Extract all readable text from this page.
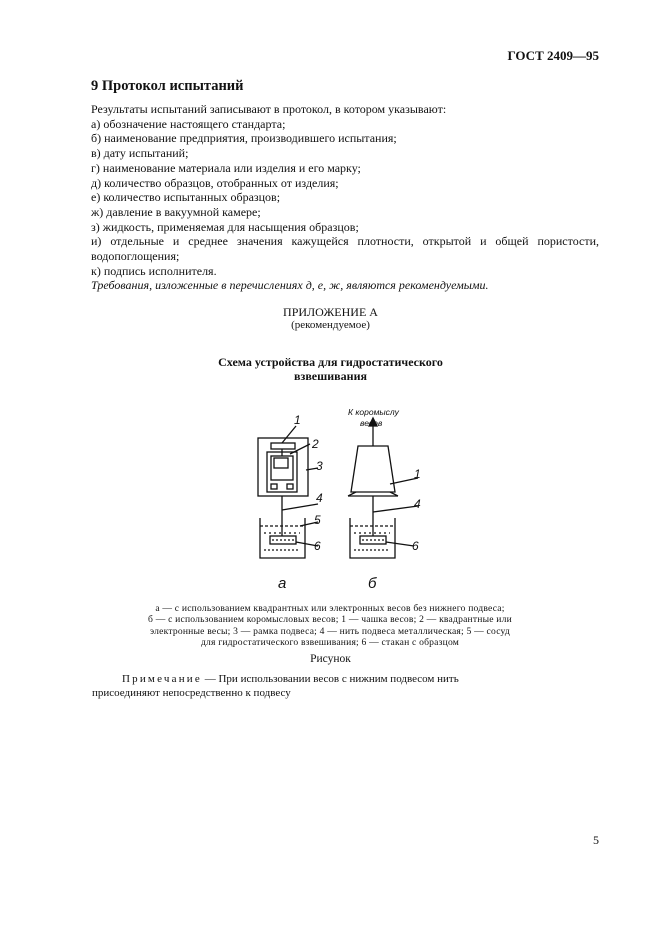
ГОСТ 2409—95
9 Протокол испытаний
Результаты испытаний записывают в протокол, в котором указывают:
а) обозначение настоящего стандарта;
б) наименование предприятия, производившего испытания;
в) дату испытаний;
г) наименование материала или изделия и его марку;
д) количество образцов, отобранных от изделия;
е) количество испытанных образцов;
ж) давление в вакуумной камере;
з) жидкость, применяемая для насыщения образцов;
и) отдельные и среднее значения кажущейся плотности, открытой и общей пористости, водопоглощения;
к) подпись исполнителя.
Требования, изложенные в перечислениях д, е, ж, являются рекомендуемыми.
ПРИЛОЖЕНИЕ А
(рекомендуемое)
Схема устройства для гидростатического
взвешивания
1
2
3
4
5
6
а
К коромыслу
весов
1
4
6
б
а — с использованием квадрантных или электронных весов без нижнего подвеса;
б — с использованием коромысловых весов; 1 — чашка весов; 2 — квадрантные или
электронные весы; 3 — рамка подвеса; 4 — нить подвеса металлическая; 5 — сосуд
для гидростатического взвешивания; 6 — стакан с образцом
Рисунок
Примечание — При использовании весов с нижним подвесом нить
присоединяют непосредственно к подвесу
5
